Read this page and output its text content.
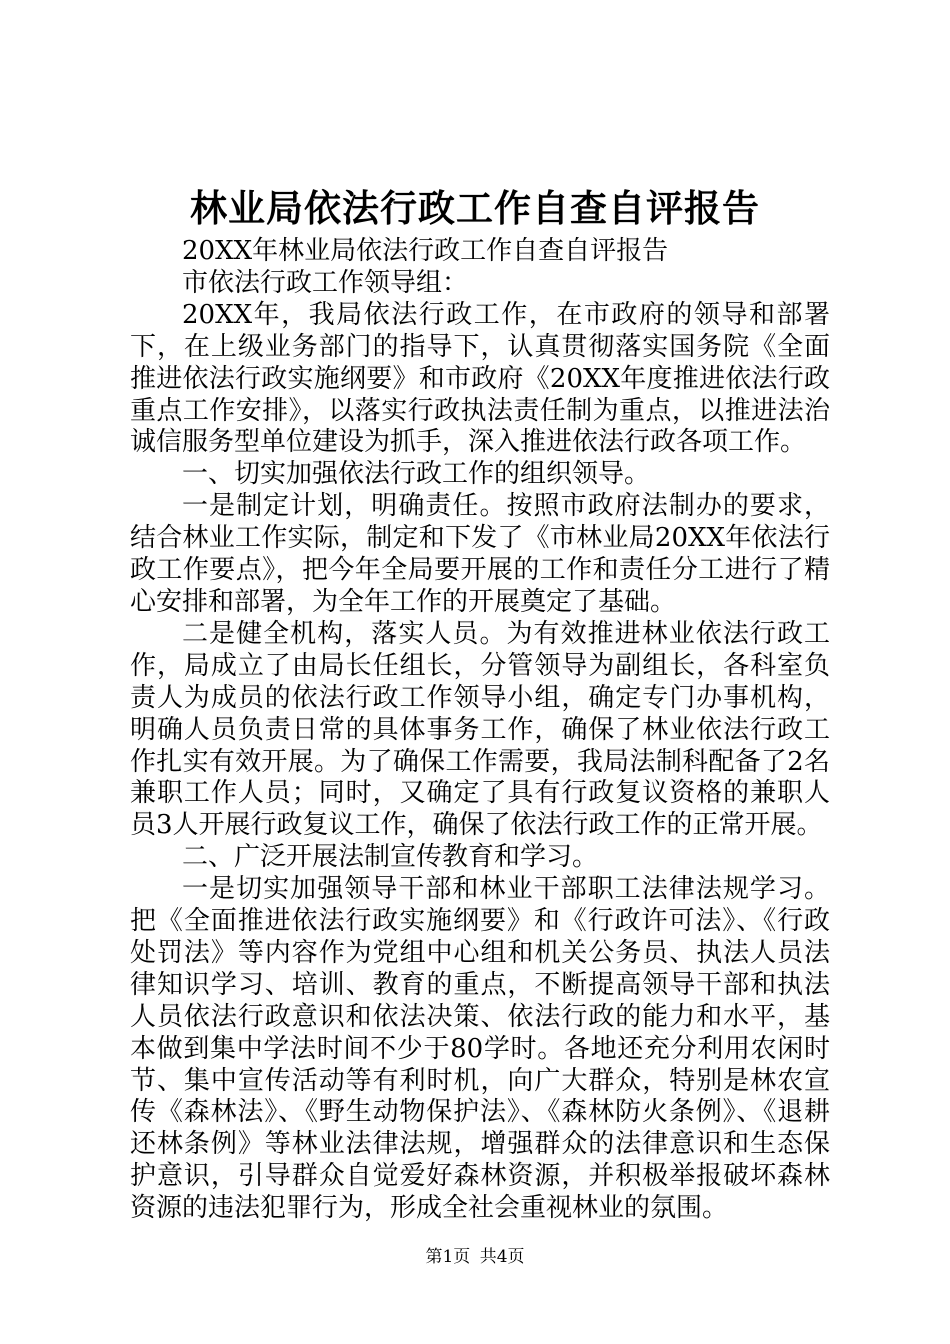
林业局依法行政工作自查自评报告

20XX年林业局依法行政工作自查自评报告

市依法行政工作领导组：

20XX年，我局依法行政工作，在市政府的领导和部署下，在上级业务部门的指导下，认真贯彻落实国务院《全面推进依法行政实施纲要》和市政府《20XX年度推进依法行政重点工作安排》，以落实行政执法责任制为重点，以推进法治诚信服务型单位建设为抓手，深入推进依法行政各项工作。

一、切实加强依法行政工作的组织领导。

一是制定计划，明确责任。按照市政府法制办的要求，结合林业工作实际，制定和下发了《市林业局20XX年依法行政工作要点》，把今年全局要开展的工作和责任分工进行了精心安排和部署，为全年工作的开展奠定了基础。

二是健全机构，落实人员。为有效推进林业依法行政工作，局成立了由局长任组长，分管领导为副组长，各科室负责人为成员的依法行政工作领导小组，确定专门办事机构，明确人员负责日常的具体事务工作，确保了林业依法行政工作扎实有效开展。为了确保工作需要，我局法制科配备了2名兼职工作人员；同时，又确定了具有行政复议资格的兼职人员3人开展行政复议工作，确保了依法行政工作的正常开展。

二、广泛开展法制宣传教育和学习。

一是切实加强领导干部和林业干部职工法律法规学习。把《全面推进依法行政实施纲要》和《行政许可法》、《行政处罚法》等内容作为党组中心组和机关公务员、执法人员法律知识学习、培训、教育的重点，不断提高领导干部和执法人员依法行政意识和依法决策、依法行政的能力和水平，基本做到集中学法时间不少于80学时。各地还充分利用农闲时节、集中宣传活动等有利时机，向广大群众，特别是林农宣传《森林法》、《野生动物保护法》、《森林防火条例》、《退耕还林条例》等林业法律法规，增强群众的法律意识和生态保护意识，引导群众自觉爱好森林资源，并积极举报破坏森林资源的违法犯罪行为，形成全社会重视林业的氛围。

第1页 共4页
